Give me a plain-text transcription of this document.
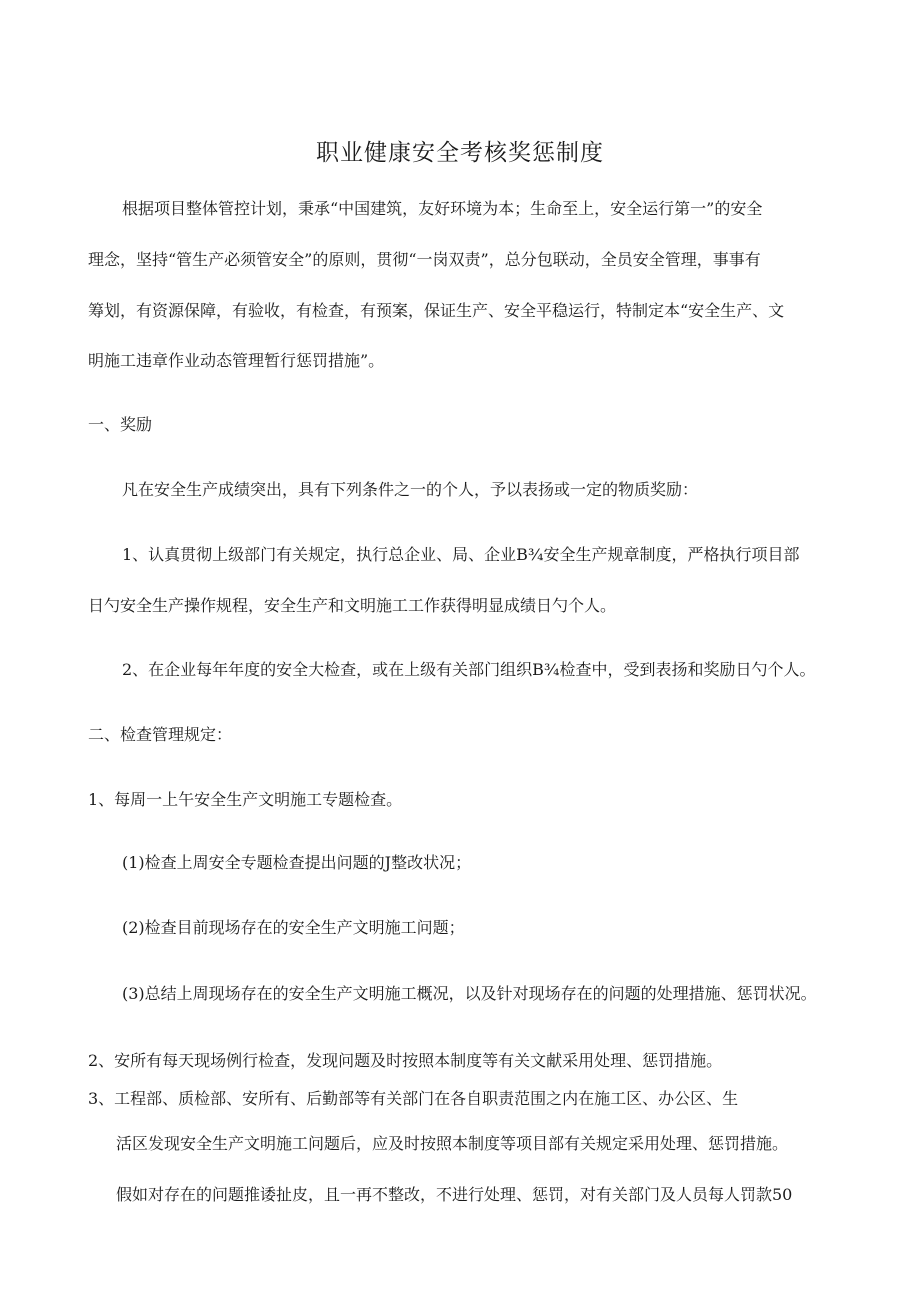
职业健康安全考核奖惩制度
根据项目整体管控计划，秉承“中国建筑，友好环境为本；生命至上，安全运行第一”的安全
理念，坚持“管生产必须管安全”的原则，贯彻“一岗双责”，总分包联动，全员安全管理，事事有
筹划，有资源保障，有验收，有检查，有预案，保证生产、安全平稳运行，特制定本“安全生产、文
明施工违章作业动态管理暂行惩罚措施”。
一、奖励
凡在安全生产成绩突出，具有下列条件之一的个人，予以表扬或一定的物质奖励：
1、认真贯彻上级部门有关规定，执行总企业、局、企业B¾安全生产规章制度，严格执行项目部
日勺安全生产操作规程，安全生产和文明施工工作获得明显成绩日勺个人。
2、在企业每年年度的安全大检查，或在上级有关部门组织B¾检查中，受到表扬和奖励日勺个人。
二、检查管理规定：
1、每周一上午安全生产文明施工专题检查。
(1)检查上周安全专题检查提出问题的J整改状况；
(2)检查目前现场存在的安全生产文明施工问题；
(3)总结上周现场存在的安全生产文明施工概况，以及针对现场存在的问题的处理措施、惩罚状况。
2、安所有每天现场例行检查，发现问题及时按照本制度等有关文献采用处理、惩罚措施。
3、工程部、质检部、安所有、后勤部等有关部门在各自职责范围之内在施工区、办公区、生
活区发现安全生产文明施工问题后，应及时按照本制度等项目部有关规定采用处理、惩罚措施。
假如对存在的问题推诿扯皮，且一再不整改，不进行处理、惩罚，对有关部门及人员每人罚款50
